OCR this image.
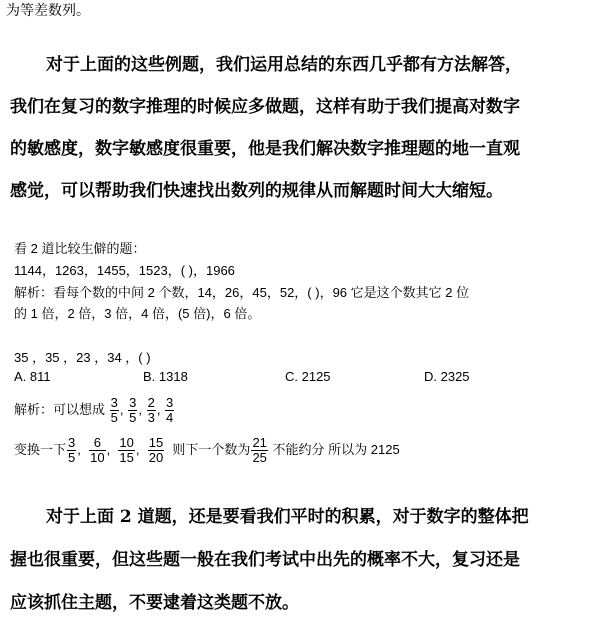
为等差数列。
对于上面的这些例题，我们运用总结的东西几乎都有方法解答，
我们在复习的数字推理的时候应多做题，这样有助于我们提高对数字
的敏感度，数字敏感度很重要，他是我们解决数字推理题的地一直观
感觉，可以帮助我们快速找出数列的规律从而解题时间大大缩短。
看 2 道比较生僻的题：
1144，1263，1455，1523，( )，1966
解析：看每个数的中间 2 个数，14，26，45，52，( )，96 它是这个数其它 2 位
的 1 倍，2 倍，3 倍，4 倍，(5 倍)，6 倍。
35 ，35 ，23 ，34 ，( )
A. 811	B. 1318	C. 2125	D. 2325
解析：可以想成 $\frac{3}{5}$ , $\frac{3}{5}$ , $\frac{2}{3}$ , $\frac{3}{4}$
变换一下 $\frac{3}{5}$ , $\frac{6}{10}$ , $\frac{10}{15}$ , $\frac{15}{20}$ 则下一个数为 $\frac{21}{25}$ 不能约分 所以为 2125
对于上面 2 道题，还是要看我们平时的积累，对于数字的整体把
握也很重要，但这些题一般在我们考试中出先的概率不大，复习还是
应该抓住主题，不要逮着这类题不放。
